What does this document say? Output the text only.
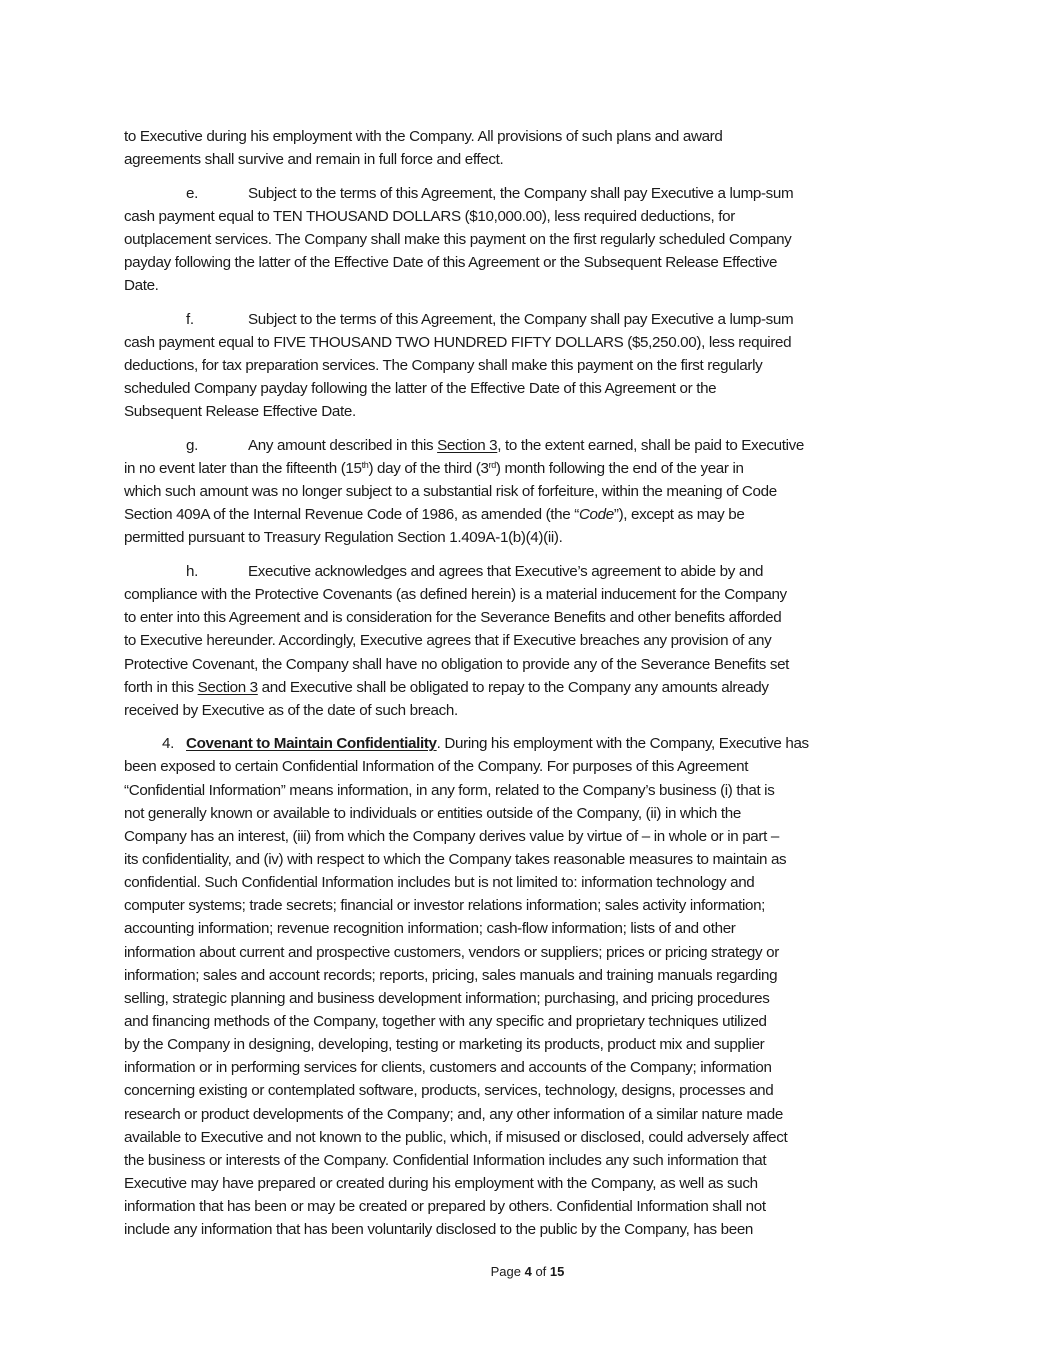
to Executive during his employment with the Company. All provisions of such plans and award
agreements shall survive and remain in full force and effect.
e.	Subject to the terms of this Agreement, the Company shall pay Executive a lump-sum
cash payment equal to TEN THOUSAND DOLLARS ($10,000.00), less required deductions, for
outplacement services. The Company shall make this payment on the first regularly scheduled Company
payday following the latter of the Effective Date of this Agreement or the Subsequent Release Effective
Date.
f.	Subject to the terms of this Agreement, the Company shall pay Executive a lump-sum
cash payment equal to FIVE THOUSAND TWO HUNDRED FIFTY DOLLARS ($5,250.00), less required
deductions, for tax preparation services. The Company shall make this payment on the first regularly
scheduled Company payday following the latter of the Effective Date of this Agreement or the
Subsequent Release Effective Date.
g.	Any amount described in this Section 3, to the extent earned, shall be paid to Executive
in no event later than the fifteenth (15th) day of the third (3rd) month following the end of the year in
which such amount was no longer subject to a substantial risk of forfeiture, within the meaning of Code
Section 409A of the Internal Revenue Code of 1986, as amended (the “Code”), except as may be
permitted pursuant to Treasury Regulation Section 1.409A-1(b)(4)(ii).
h.	Executive acknowledges and agrees that Executive’s agreement to abide by and
compliance with the Protective Covenants (as defined herein) is a material inducement for the Company
to enter into this Agreement and is consideration for the Severance Benefits and other benefits afforded
to Executive hereunder. Accordingly, Executive agrees that if Executive breaches any provision of any
Protective Covenant, the Company shall have no obligation to provide any of the Severance Benefits set
forth in this Section 3 and Executive shall be obligated to repay to the Company any amounts already
received by Executive as of the date of such breach.
4. Covenant to Maintain Confidentiality. During his employment with the Company, Executive has
been exposed to certain Confidential Information of the Company. For purposes of this Agreement
“Confidential Information” means information, in any form, related to the Company’s business (i) that is
not generally known or available to individuals or entities outside of the Company, (ii) in which the
Company has an interest, (iii) from which the Company derives value by virtue of – in whole or in part –
its confidentiality, and (iv) with respect to which the Company takes reasonable measures to maintain as
confidential. Such Confidential Information includes but is not limited to: information technology and
computer systems; trade secrets; financial or investor relations information; sales activity information;
accounting information; revenue recognition information; cash-flow information; lists of and other
information about current and prospective customers, vendors or suppliers; prices or pricing strategy or
information; sales and account records; reports, pricing, sales manuals and training manuals regarding
selling, strategic planning and business development information; purchasing, and pricing procedures
and financing methods of the Company, together with any specific and proprietary techniques utilized
by the Company in designing, developing, testing or marketing its products, product mix and supplier
information or in performing services for clients, customers and accounts of the Company; information
concerning existing or contemplated software, products, services, technology, designs, processes and
research or product developments of the Company; and, any other information of a similar nature made
available to Executive and not known to the public, which, if misused or disclosed, could adversely affect
the business or interests of the Company. Confidential Information includes any such information that
Executive may have prepared or created during his employment with the Company, as well as such
information that has been or may be created or prepared by others. Confidential Information shall not
include any information that has been voluntarily disclosed to the public by the Company, has been
Page 4 of 15
